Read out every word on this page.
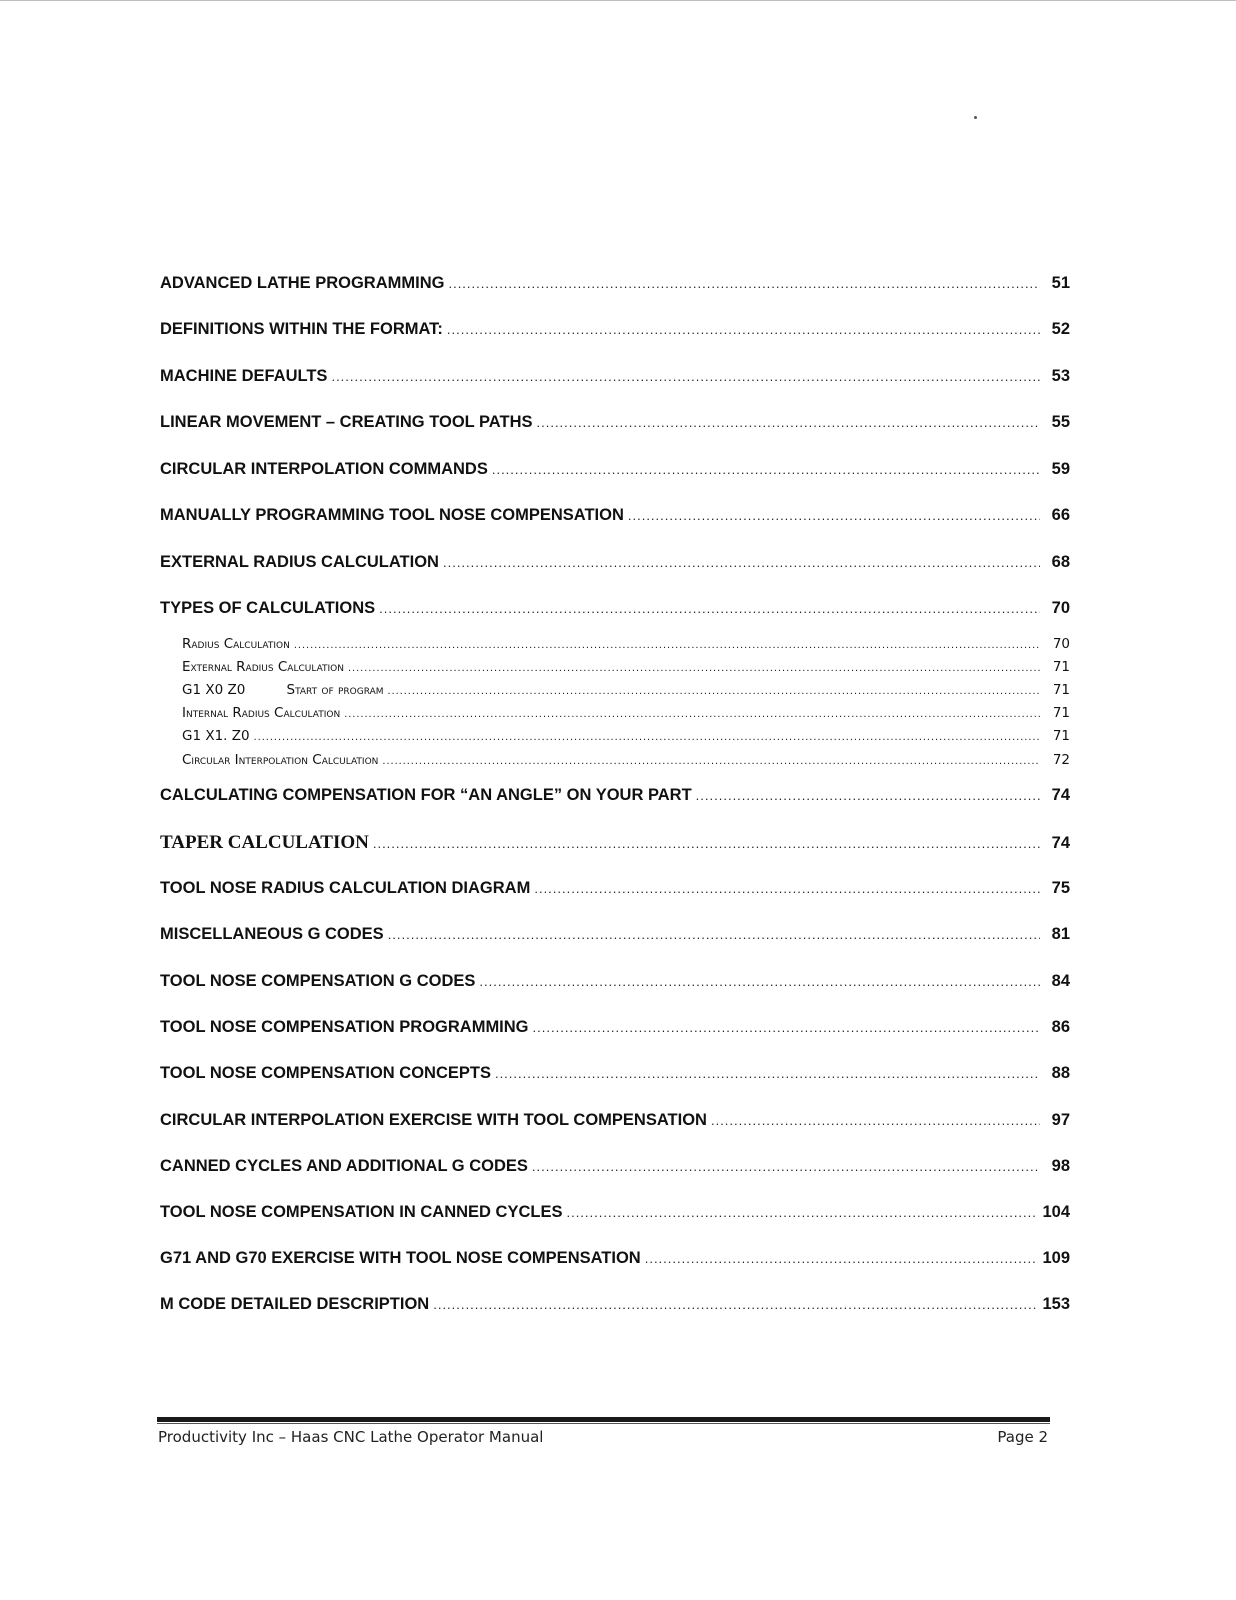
ADVANCED LATHE PROGRAMMING .....	51
DEFINITIONS WITHIN THE FORMAT: .....	52
MACHINE DEFAULTS .....	53
LINEAR MOVEMENT – CREATING TOOL PATHS .....	55
CIRCULAR INTERPOLATION COMMANDS .....	59
MANUALLY PROGRAMMING TOOL NOSE COMPENSATION .....	66
EXTERNAL RADIUS CALCULATION .....	68
TYPES OF CALCULATIONS .....	70
Radius Calculation .....	70
External Radius Calculation .....	71
G1 X0 Z0	Start of program .....	71
Internal Radius Calculation .....	71
G1 X1. Z0 .....	71
Circular Interpolation Calculation .....	72
CALCULATING COMPENSATION FOR “AN ANGLE” ON YOUR PART .....	74
TAPER CALCULATION .....	74
TOOL NOSE RADIUS CALCULATION DIAGRAM .....	75
MISCELLANEOUS G CODES .....	81
TOOL NOSE COMPENSATION G CODES .....	84
TOOL NOSE COMPENSATION PROGRAMMING .....	86
TOOL NOSE COMPENSATION CONCEPTS .....	88
CIRCULAR INTERPOLATION EXERCISE WITH TOOL COMPENSATION .....	97
CANNED CYCLES AND ADDITIONAL G CODES .....	98
TOOL NOSE COMPENSATION IN CANNED CYCLES .....	104
G71 AND G70 EXERCISE WITH TOOL NOSE COMPENSATION .....	109
M CODE DETAILED DESCRIPTION .....	153
Productivity Inc – Haas CNC Lathe Operator Manual	Page 2
